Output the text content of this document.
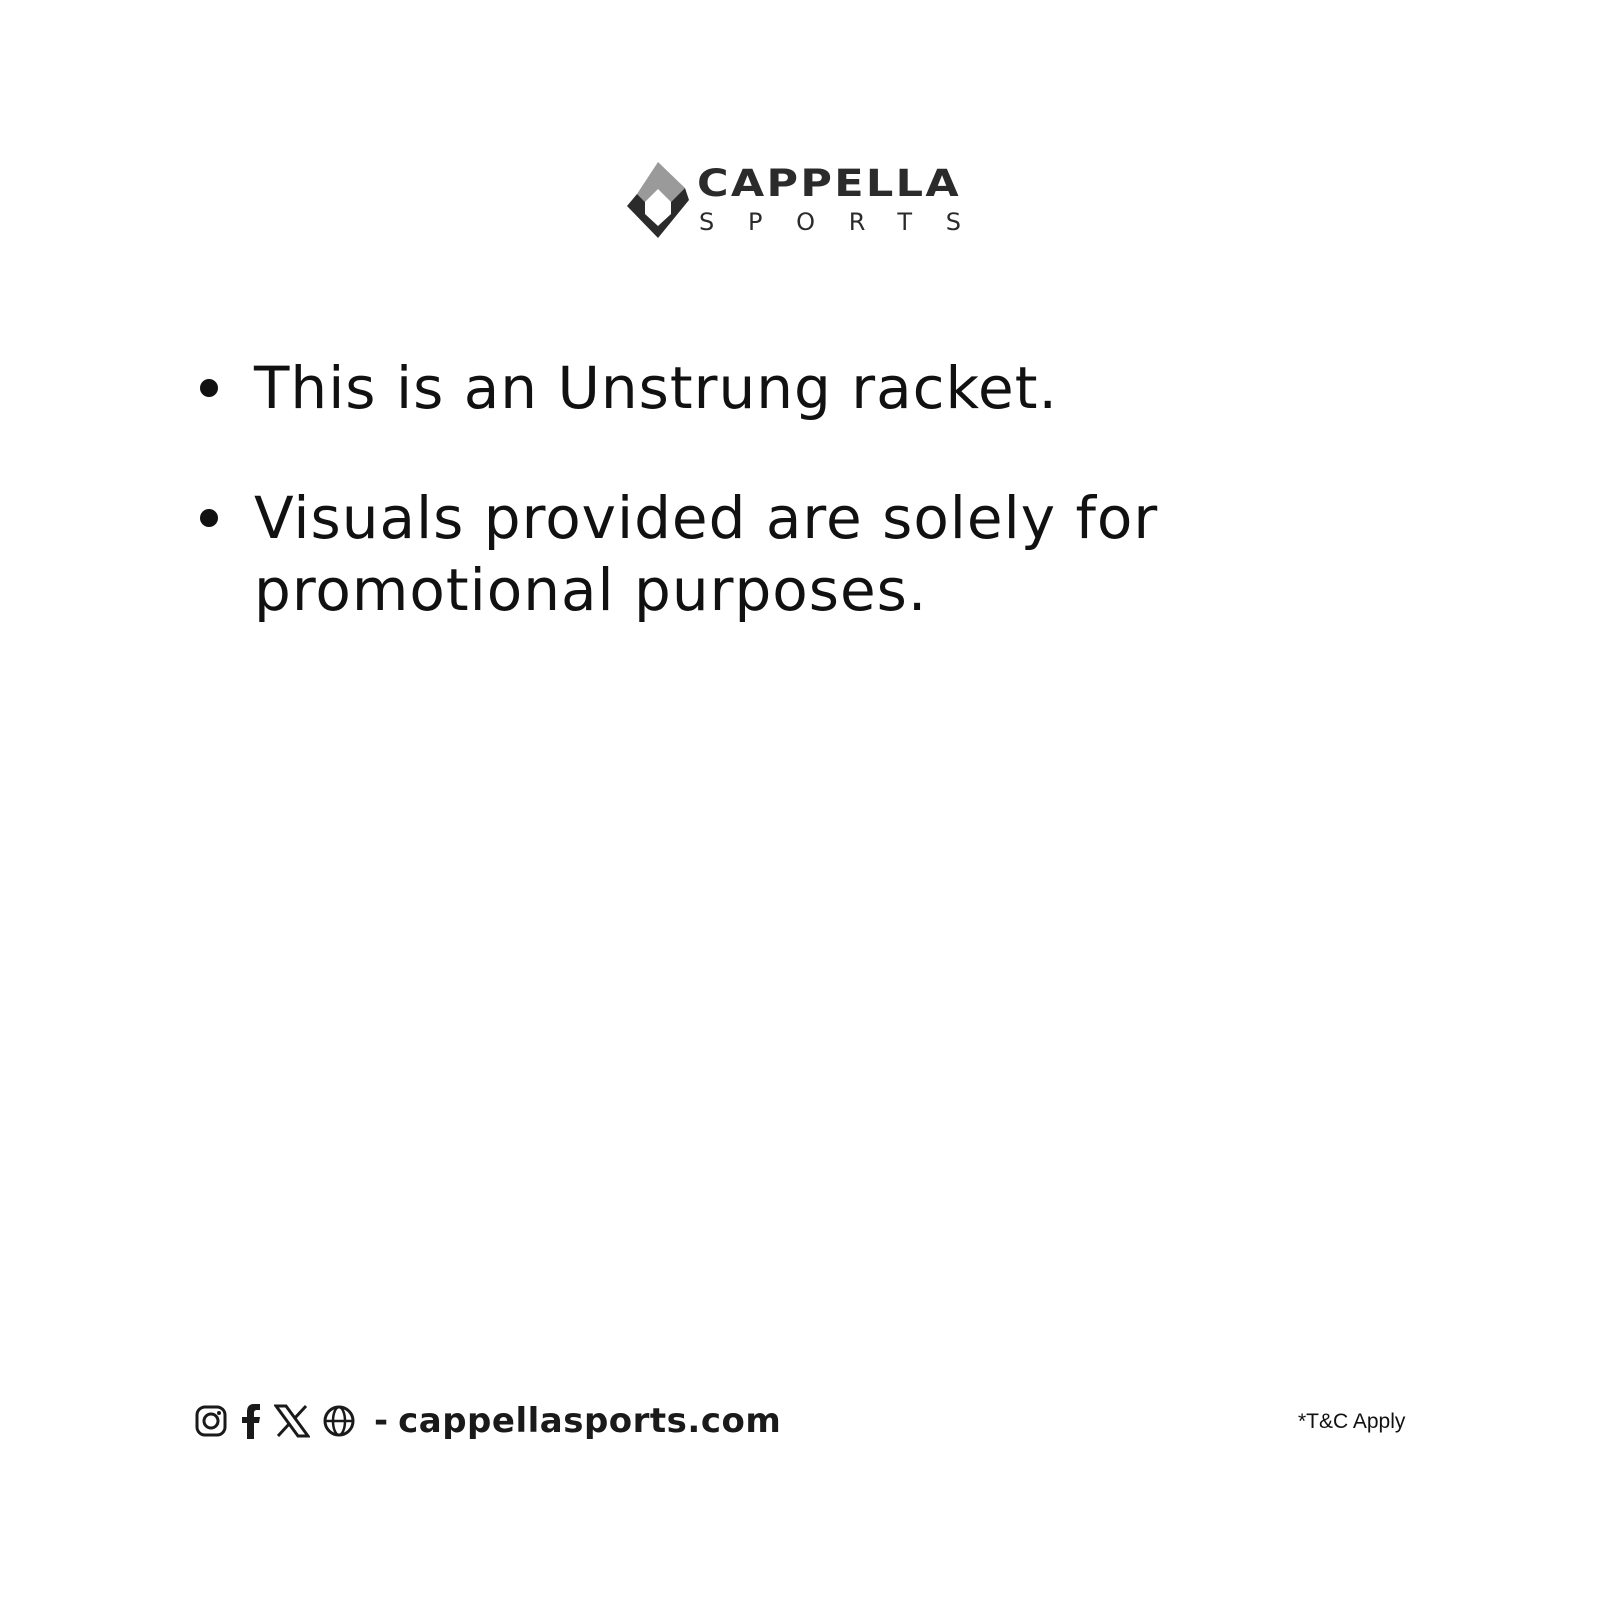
CAPPELLA
SPORTS
This is an Unstrung racket.
Visuals provided are solely for promotional purposes.
- cappellasports.com	*T&C Apply
